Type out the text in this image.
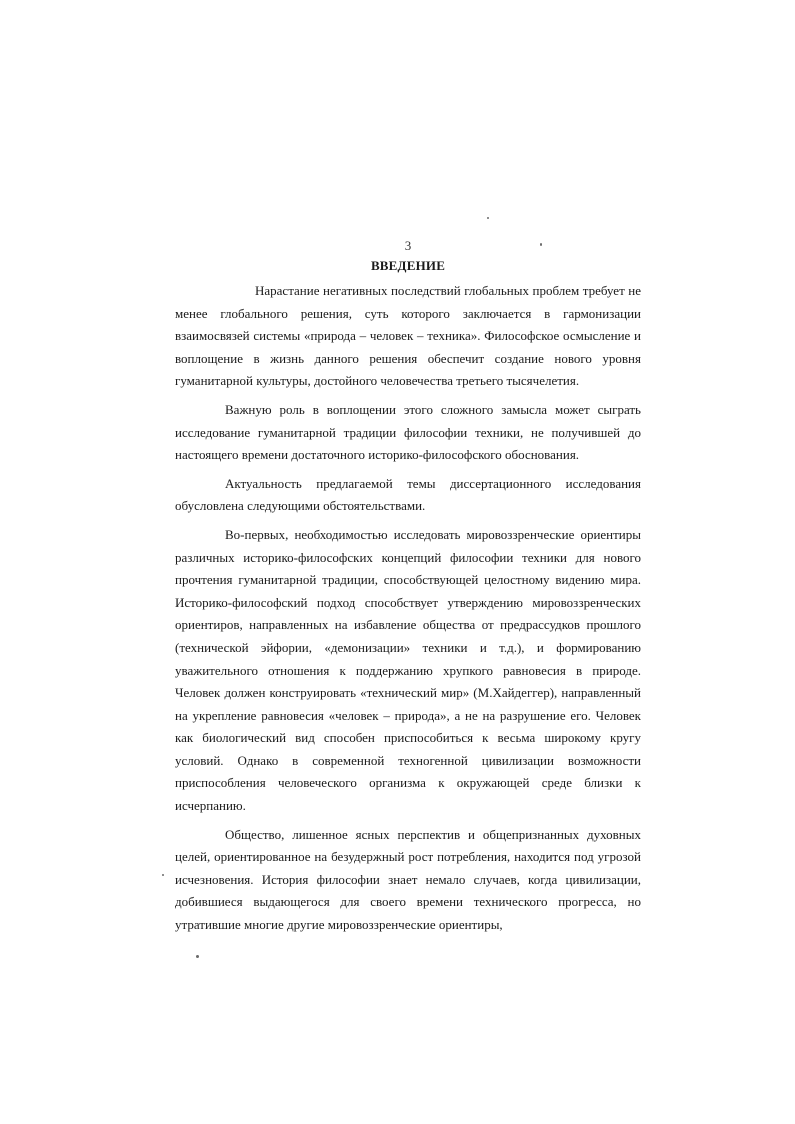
3
ВВЕДЕНИЕ

Нарастание негативных последствий глобальных проблем требует не менее глобального решения, суть которого заключается в гармонизации взаимосвязей системы «природа – человек – техника». Философское осмысление и воплощение в жизнь данного решения обеспечит создание нового уровня гуманитарной культуры, достойного человечества третьего тысячелетия.

Важную роль в воплощении этого сложного замысла может сыграть исследование гуманитарной традиции философии техники, не получившей до настоящего времени достаточного историко-философского обоснования.

Актуальность предлагаемой темы диссертационного исследования обусловлена следующими обстоятельствами.

Во-первых, необходимостью исследовать мировоззренческие ориентиры различных историко-философских концепций философии техники для нового прочтения гуманитарной традиции, способствующей целостному видению мира. Историко-философский подход способствует утверждению мировоззренческих ориентиров, направленных на избавление общества от предрассудков прошлого (технической эйфории, «демонизации» техники и т.д.), и формированию уважительного отношения к поддержанию хрупкого равновесия в природе. Человек должен конструировать «технический мир» (М.Хайдеггер), направленный на укрепление равновесия «человек – природа», а не на разрушение его. Человек как биологический вид способен приспособиться к весьма широкому кругу условий. Однако в современной техногенной цивилизации возможности приспособления человеческого организма к окружающей среде близки к исчерпанию.

Общество, лишенное ясных перспектив и общепризнанных духовных целей, ориентированное на безудержный рост потребления, находится под угрозой исчезновения. История философии знает немало случаев, когда цивилизации, добившиеся выдающегося для своего времени технического прогресса, но утратившие многие другие мировоззренческие ориентиры,
